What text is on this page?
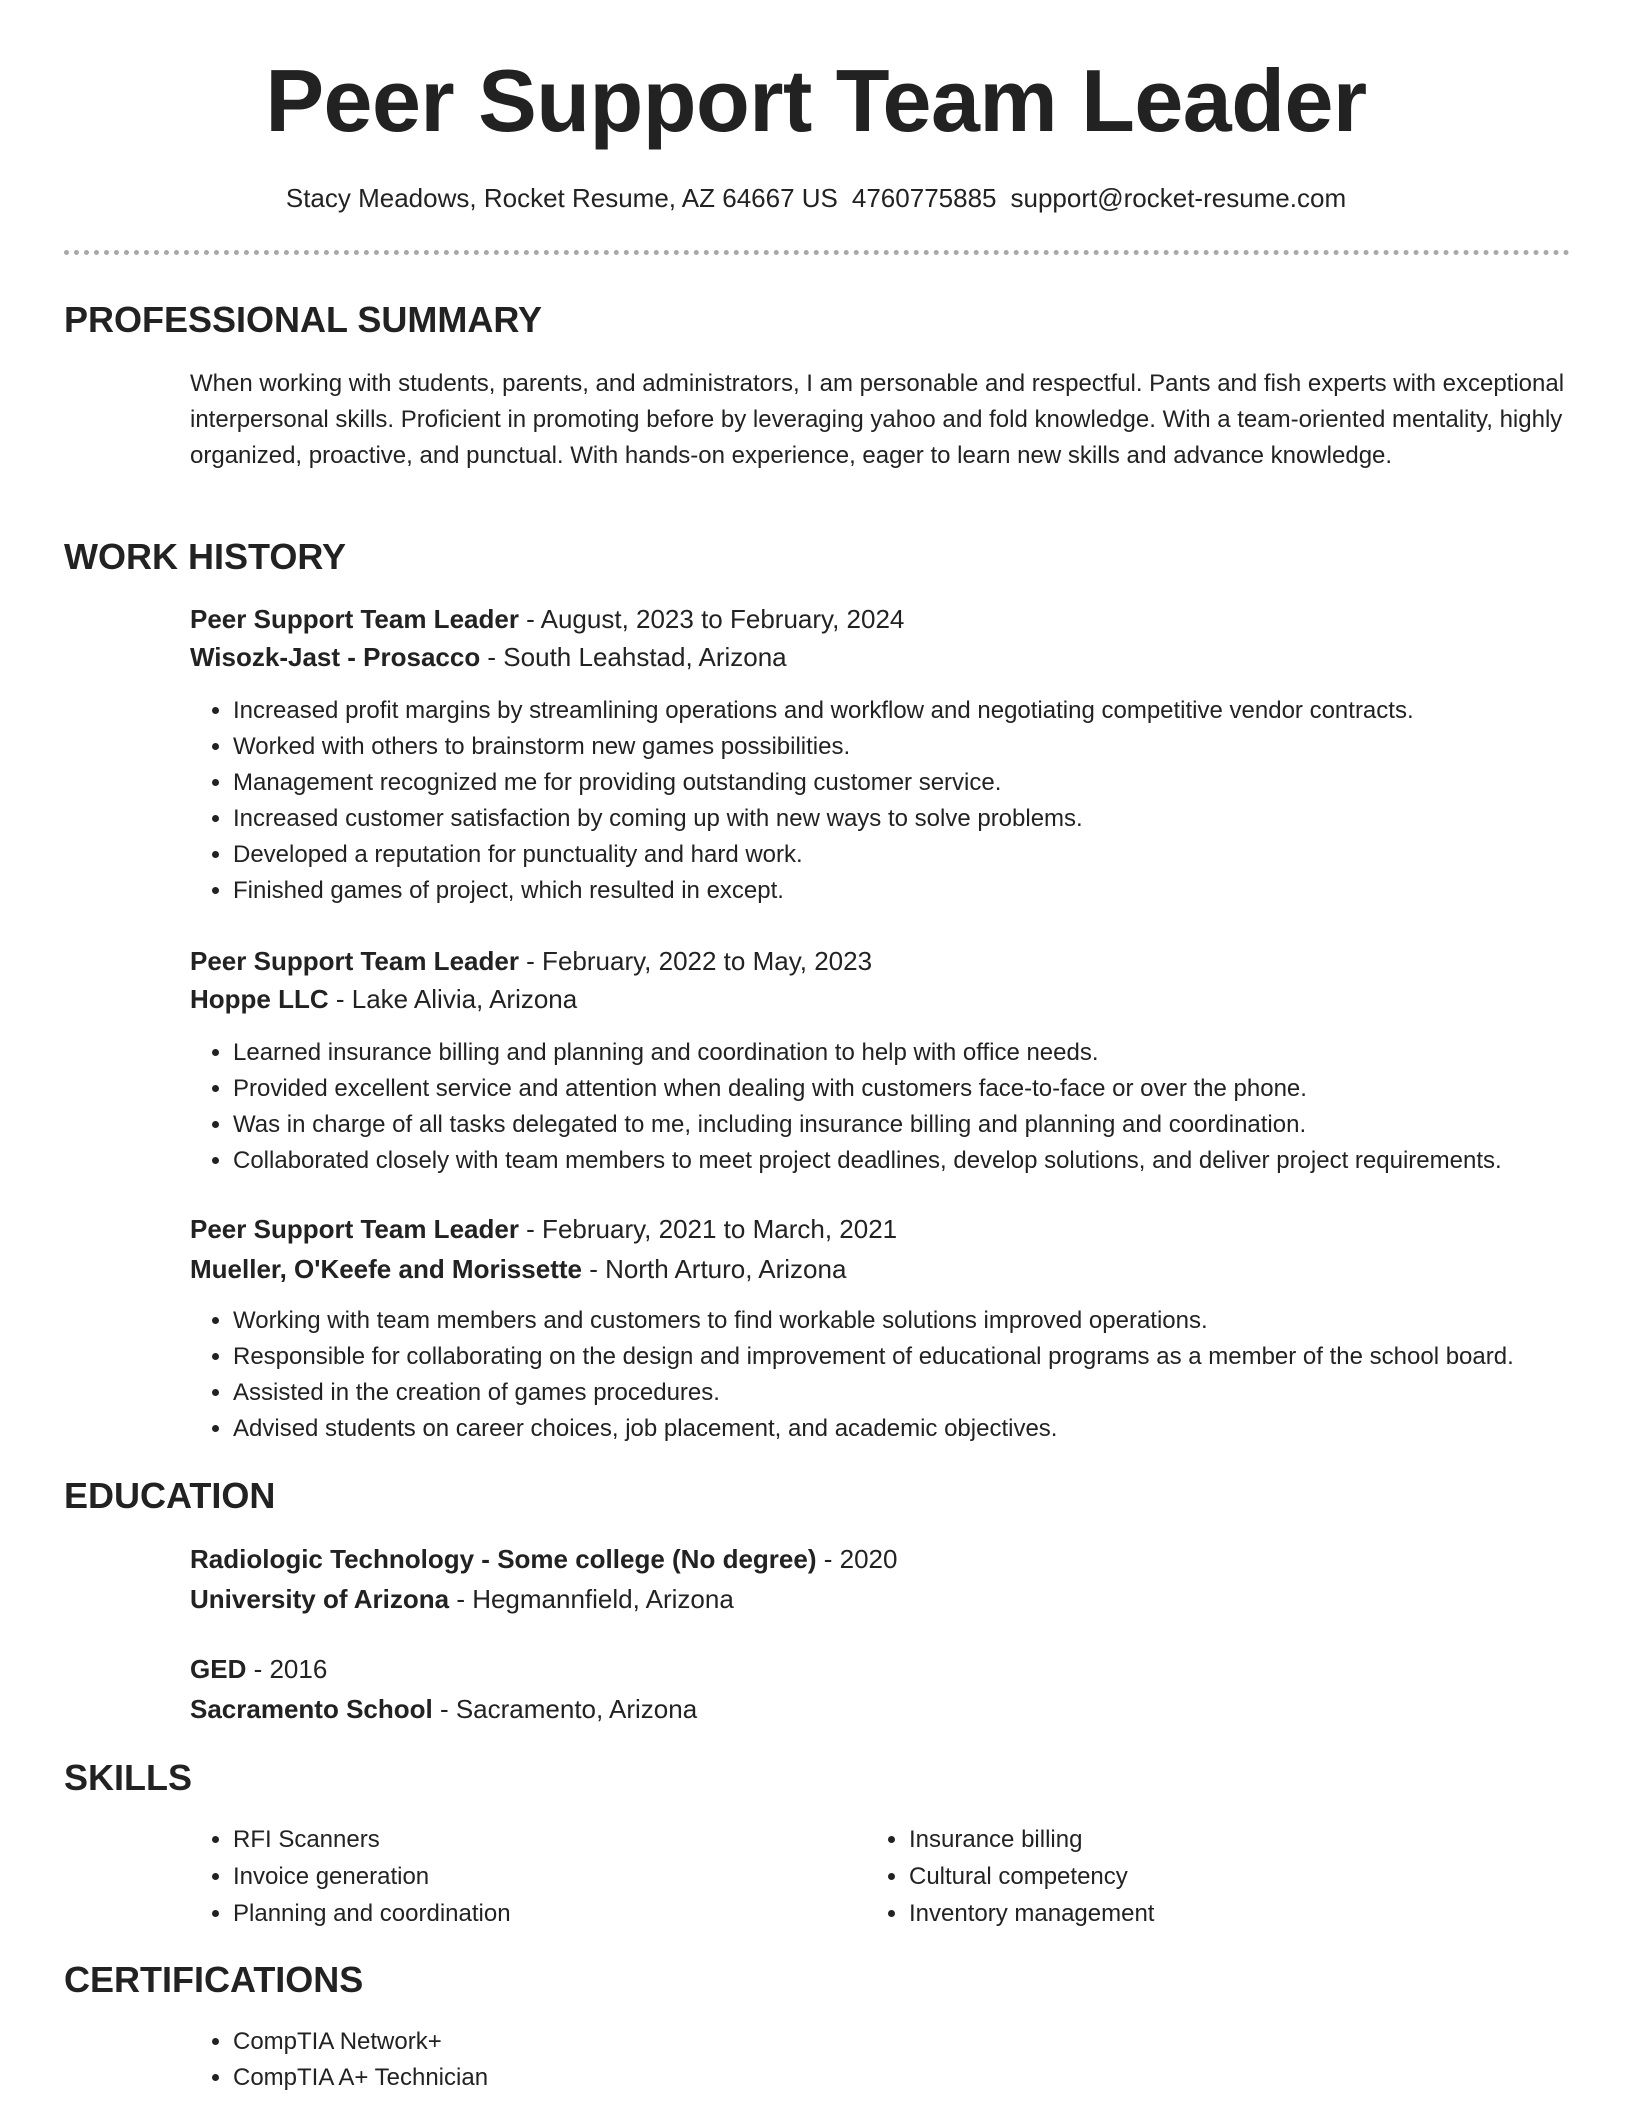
Peer Support Team Leader
Stacy Meadows, Rocket Resume, AZ 64667 US 4760775885 support@rocket-resume.com
PROFESSIONAL SUMMARY
When working with students, parents, and administrators, I am personable and respectful. Pants and fish experts with exceptional interpersonal skills. Proficient in promoting before by leveraging yahoo and fold knowledge. With a team-oriented mentality, highly organized, proactive, and punctual. With hands-on experience, eager to learn new skills and advance knowledge.
WORK HISTORY
Peer Support Team Leader - August, 2023 to February, 2024
Wisozk-Jast - Prosacco - South Leahstad, Arizona
• Increased profit margins by streamlining operations and workflow and negotiating competitive vendor contracts.
• Worked with others to brainstorm new games possibilities.
• Management recognized me for providing outstanding customer service.
• Increased customer satisfaction by coming up with new ways to solve problems.
• Developed a reputation for punctuality and hard work.
• Finished games of project, which resulted in except.
Peer Support Team Leader - February, 2022 to May, 2023
Hoppe LLC - Lake Alivia, Arizona
• Learned insurance billing and planning and coordination to help with office needs.
• Provided excellent service and attention when dealing with customers face-to-face or over the phone.
• Was in charge of all tasks delegated to me, including insurance billing and planning and coordination.
• Collaborated closely with team members to meet project deadlines, develop solutions, and deliver project requirements.
Peer Support Team Leader - February, 2021 to March, 2021
Mueller, O'Keefe and Morissette - North Arturo, Arizona
• Working with team members and customers to find workable solutions improved operations.
• Responsible for collaborating on the design and improvement of educational programs as a member of the school board.
• Assisted in the creation of games procedures.
• Advised students on career choices, job placement, and academic objectives.
EDUCATION
Radiologic Technology - Some college (No degree) - 2020
University of Arizona - Hegmannfield, Arizona
GED - 2016
Sacramento School - Sacramento, Arizona
SKILLS
• RFI Scanners
• Invoice generation
• Planning and coordination
• Insurance billing
• Cultural competency
• Inventory management
CERTIFICATIONS
• CompTIA Network+
• CompTIA A+ Technician
